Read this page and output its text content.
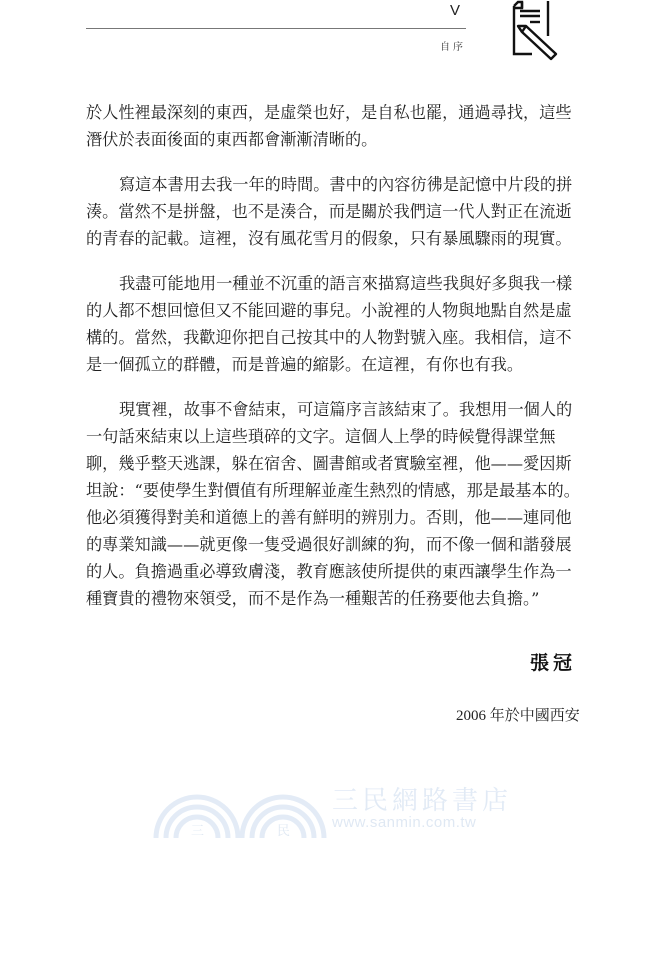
V
自序

於人性裡最深刻的東西，是虛榮也好，是自私也罷，通過尋找，這些
潛伏於表面後面的東西都會漸漸清晰的。

寫這本書用去我一年的時間。書中的內容彷彿是記憶中片段的拼
湊。當然不是拼盤，也不是湊合，而是關於我們這一代人對正在流逝
的青春的記載。這裡，沒有風花雪月的假象，只有暴風驟雨的現實。

我盡可能地用一種並不沉重的語言來描寫這些我與好多與我一樣
的人都不想回憶但又不能回避的事兒。小說裡的人物與地點自然是虛
構的。當然，我歡迎你把自己按其中的人物對號入座。我相信，這不
是一個孤立的群體，而是普遍的縮影。在這裡，有你也有我。

現實裡，故事不會結束，可這篇序言該結束了。我想用一個人的
一句話來結束以上這些瑣碎的文字。這個人上學的時候覺得課堂無
聊，幾乎整天逃課，躲在宿舍、圖書館或者實驗室裡，他——愛因斯
坦說：“要使學生對價值有所理解並產生熱烈的情感，那是最基本的。
他必須獲得對美和道德上的善有鮮明的辨別力。否則，他——連同他
的專業知識——就更像一隻受過很好訓練的狗，而不像一個和諧發展
的人。負擔過重必導致膚淺，教育應該使所提供的東西讓學生作為一
種寶貴的禮物來領受，而不是作為一種艱苦的任務要他去負擔。”

張冠
2006 年於中國西安
三	民
三民網路書店
www.sanmin.com.tw
